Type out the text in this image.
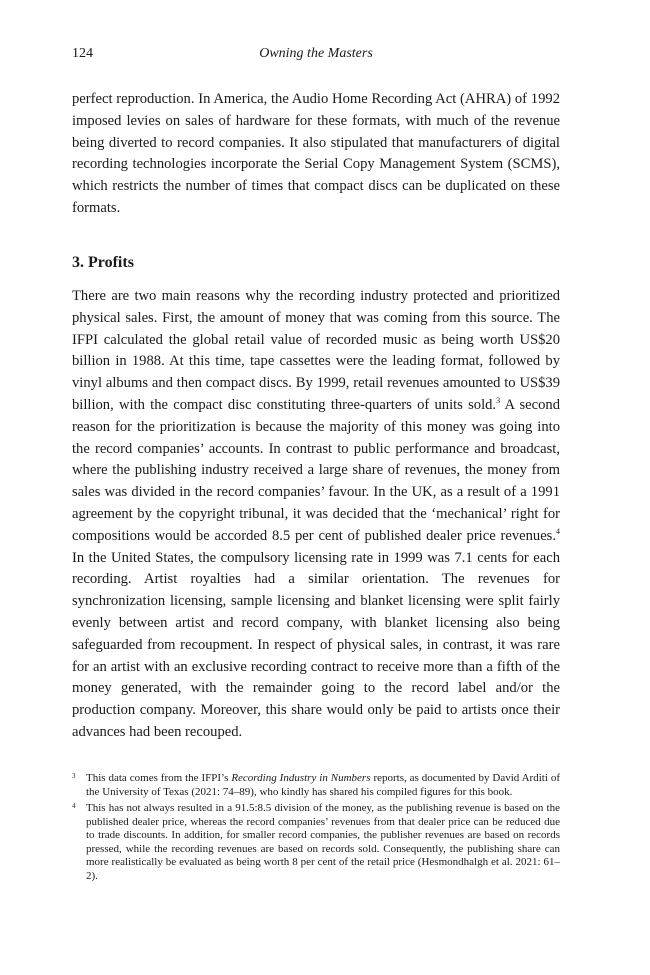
124	Owning the Masters

perfect reproduction. In America, the Audio Home Recording Act (AHRA) of 1992 imposed levies on sales of hardware for these formats, with much of the revenue being diverted to record companies. It also stipulated that manufacturers of digital recording technologies incorporate the Serial Copy Management System (SCMS), which restricts the number of times that compact discs can be duplicated on these formats.

3. Profits

There are two main reasons why the recording industry protected and prioritized physical sales. First, the amount of money that was coming from this source. The IFPI calculated the global retail value of recorded music as being worth US$20 billion in 1988. At this time, tape cassettes were the leading format, followed by vinyl albums and then compact discs. By 1999, retail revenues amounted to US$39 billion, with the compact disc constituting three-quarters of units sold.$^3$ A second reason for the prioritization is because the majority of this money was going into the record companies’ accounts. In contrast to public performance and broadcast, where the publishing industry received a large share of revenues, the money from sales was divided in the record companies’ favour. In the UK, as a result of a 1991 agreement by the copyright tribunal, it was decided that the ‘mechanical’ right for compositions would be accorded 8.5 per cent of published dealer price revenues.$^4$ In the United States, the compulsory licensing rate in 1999 was 7.1 cents for each recording. Artist royalties had a similar orientation. The revenues for synchronization licensing, sample licensing and blanket licensing were split fairly evenly between artist and record company, with blanket licensing also being safeguarded from recoupment. In respect of physical sales, in contrast, it was rare for an artist with an exclusive recording contract to receive more than a fifth of the money generated, with the remainder going to the record label and/or the production company. Moreover, this share would only be paid to artists once their advances had been recouped.

3 This data comes from the IFPI’s Recording Industry in Numbers reports, as documented by David Arditi of the University of Texas (2021: 74–89), who kindly has shared his compiled figures for this book.
4 This has not always resulted in a 91.5:8.5 division of the money, as the publishing revenue is based on the published dealer price, whereas the record companies’ revenues from that dealer price can be reduced due to trade discounts. In addition, for smaller record companies, the publisher revenues are based on records pressed, while the recording revenues are based on records sold. Consequently, the publishing share can more realistically be evaluated as being worth 8 per cent of the retail price (Hesmondhalgh et al. 2021: 61–2).
